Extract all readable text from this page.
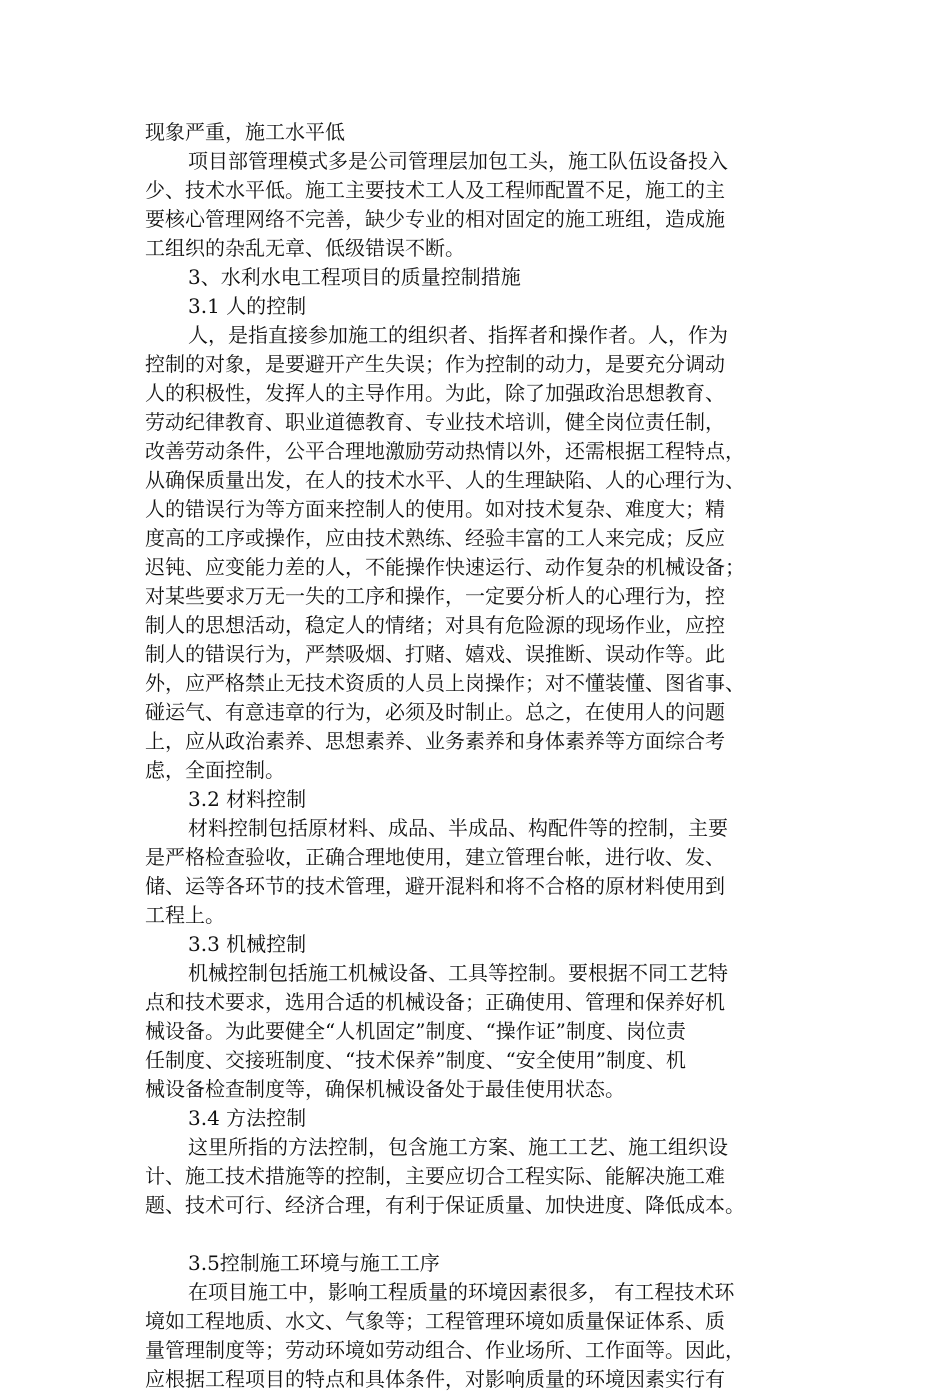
现象严重，施工水平低
项目部管理模式多是公司管理层加包工头，施工队伍设备投入
少、技术水平低。施工主要技术工人及工程师配置不足，施工的主
要核心管理网络不完善，缺少专业的相对固定的施工班组，造成施
工组织的杂乱无章、低级错误不断。
3、水利水电工程项目的质量控制措施
3.1 人的控制
人，是指直接参加施工的组织者、指挥者和操作者。人，作为
控制的对象，是要避开产生失误；作为控制的动力，是要充分调动
人的积极性，发挥人的主导作用。为此，除了加强政治思想教育、
劳动纪律教育、职业道德教育、专业技术培训，健全岗位责任制，
改善劳动条件，公平合理地激励劳动热情以外，还需根据工程特点，
从确保质量出发，在人的技术水平、人的生理缺陷、人的心理行为、
人的错误行为等方面来控制人的使用。如对技术复杂、难度大；精
度高的工序或操作，应由技术熟练、经验丰富的工人来完成；反应
迟钝、应变能力差的人，不能操作快速运行、动作复杂的机械设备；
对某些要求万无一失的工序和操作，一定要分析人的心理行为，控
制人的思想活动，稳定人的情绪；对具有危险源的现场作业，应控
制人的错误行为，严禁吸烟、打赌、嬉戏、误推断、误动作等。此
外，应严格禁止无技术资质的人员上岗操作；对不懂装懂、图省事、
碰运气、有意违章的行为，必须及时制止。总之，在使用人的问题
上，应从政治素养、思想素养、业务素养和身体素养等方面综合考
虑，全面控制。
3.2 材料控制
材料控制包括原材料、成品、半成品、构配件等的控制，主要
是严格检查验收，正确合理地使用，建立管理台帐，进行收、发、
储、运等各环节的技术管理，避开混料和将不合格的原材料使用到
工程上。
3.3 机械控制
机械控制包括施工机械设备、工具等控制。要根据不同工艺特
点和技术要求，选用合适的机械设备；正确使用、管理和保养好机
械设备。为此要健全“人机固定”制度、“操作证”制度、岗位责
任制度、交接班制度、“技术保养”制度、“安全使用”制度、机
械设备检查制度等，确保机械设备处于最佳使用状态。
3.4 方法控制
这里所指的方法控制，包含施工方案、施工工艺、施工组织设
计、施工技术措施等的控制，主要应切合工程实际、能解决施工难
题、技术可行、经济合理，有利于保证质量、加快进度、降低成本。
3.5控制施工环境与施工工序
在项目施工中，影响工程质量的环境因素很多， 有工程技术环
境如工程地质、水文、气象等；工程管理环境如质量保证体系、质
量管理制度等；劳动环境如劳动组合、作业场所、工作面等。因此，
应根据工程项目的特点和具体条件，对影响质量的环境因素实行有
